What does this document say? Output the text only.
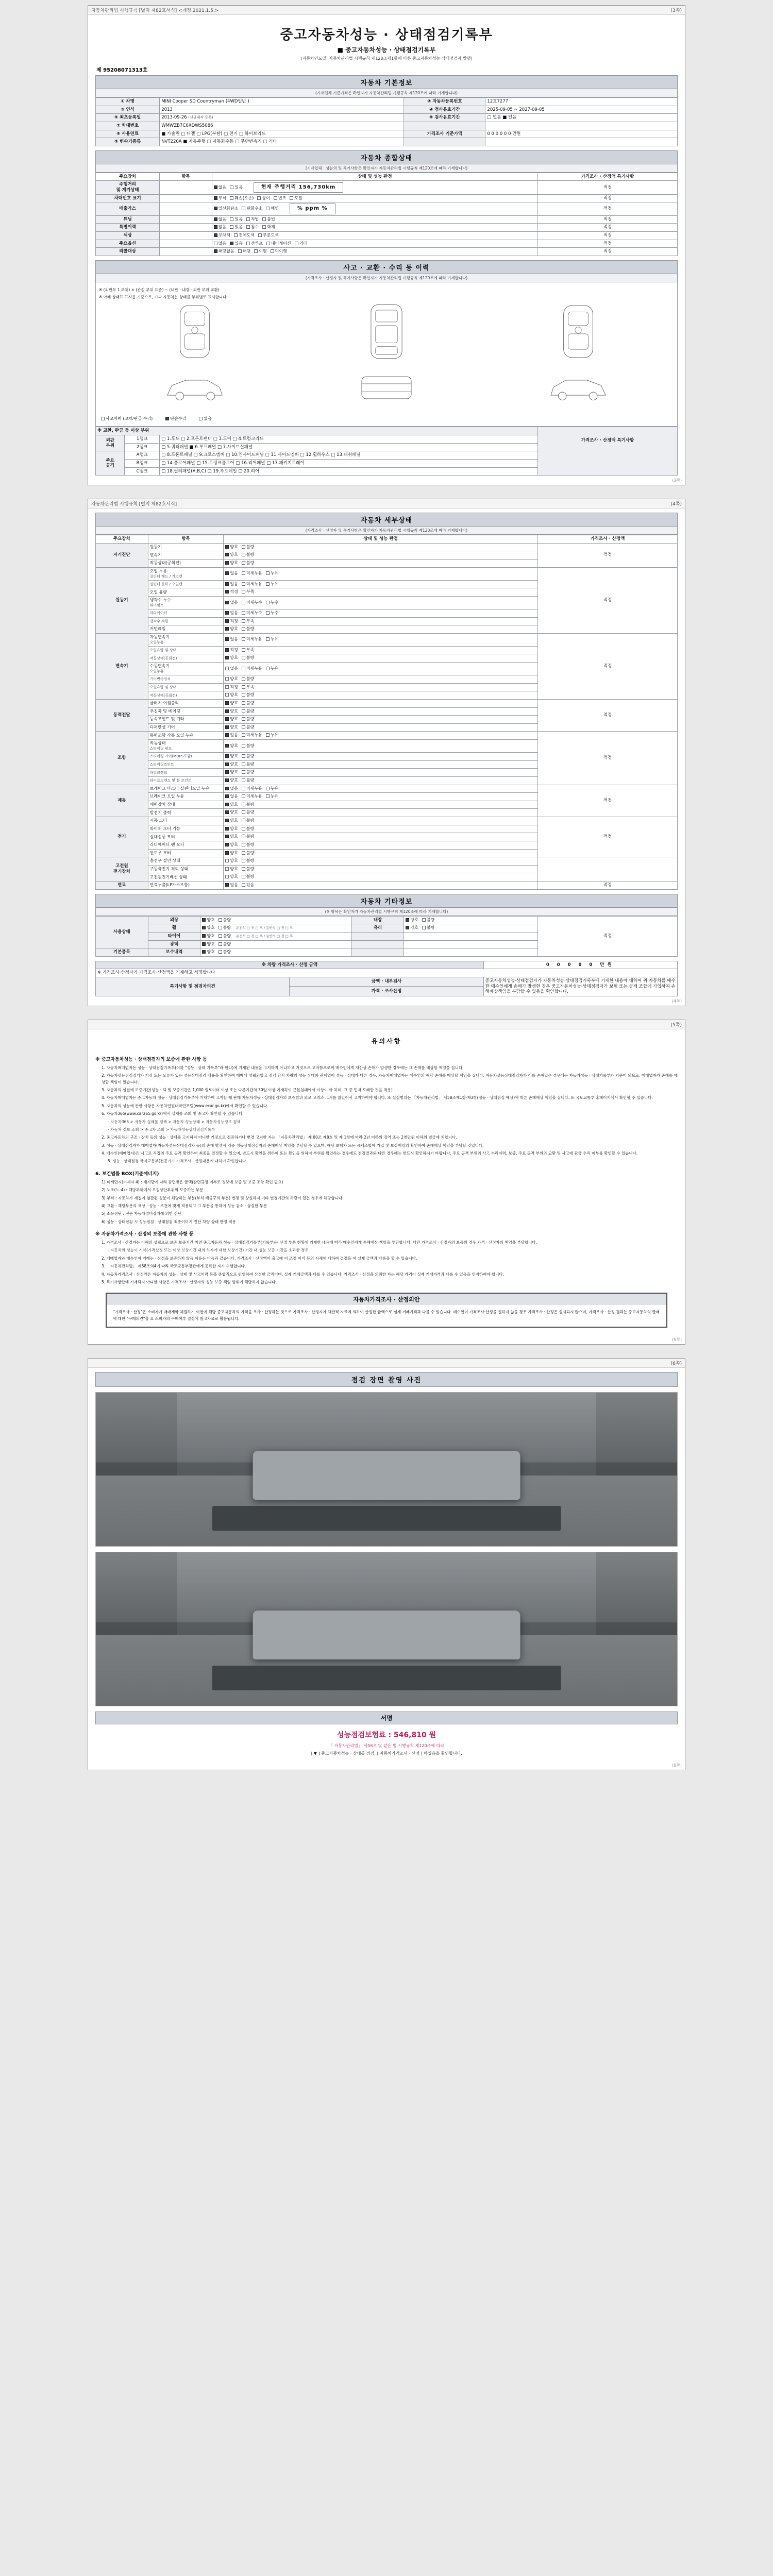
자동차관리법 시행규칙 [별지 제82호서식] <개정 2021.1.5.>	(3쪽)
중고자동차성능 · 상태점검기록부
■ 중고자동차성능 · 상태점검기록부
(자동차인도일: 자동차관리법 시행규칙 제120조제1항에 따른 중고자동차성능·상태점검자 발행)
제 95208071313호
자동차 기본정보
(기재업체 기준가격은 확인자가 자동차관리법 시행규칙 제120조에 따라 기재합니다)
① 차명	MINI Cooper SD Countryman (4WD일반 )	② 자동차등록번호	12호7277
③ 연식	2013	④ 검사유효기간	2025-09-05 ~ 2027-09-05
⑤ 최초등록일	2013-09-26 (신규제작 등록)	⑥ 검사유효기간	□ 없음 ■ 있음
⑦ 차대번호	WMWZB7C0XDWS5086		
⑧ 사용연료	■ 가솔린 □ 디젤 □ LPG(부탄) □ 전기 □ 하이브리드	가격조사 기준가액	0 0 0 0 0 0 만원
⑨ 변속기종류	NVT220A ■ 자동주행 □ 자동화수동 □ 무단변속기 □ 기타		
자동차 종합상태
(기재업체 · 성능의 및 특기사항은 확인자가 자동차관리법 시행규칙 제120조에 따라 기재합니다)
주요장치	항목	상태 및 성능 판정	가격조사 · 산정액 특기사항
주행거리
및 계기상태		없음 있음 현재 주행거리 156,730km	적정
차대번호 표기		부식 훼손(오손) 상이 변조 도말	적정
배출가스		일산화탄소 탄화수소 매연 % ppm %	적정
튜닝		없음 있음 적법 불법	적정
특별이력		없음 있음 침수 화재	적정
색상		무채색 전체도색 부분도색	적정
주요옵션		없음 있음 선루프 내비게이션 기타	적정
리콜대상		해당없음 해당 이행 미이행	적정
사고 · 교환 · 수리 등 이력
(가격조사 · 산정자 및 특기사항은 확인자가 자동차관리법 시행규칙 제120조에 따라 기재합니다)
※ (외판부 1 부위) × (관절 부위 표준) ~ (내판 · 내장 · 외판 부위 교환)
※ 아래 상태표 표시를 기준으로, 가짜 자동차는 상태를 부위별로 표시합니다
사고이력 (교차/판금 수리)	단순수리	없음
※ 교환, 판금 등 이상 부위			가격조사 · 산정액 특기사항

외판
부위	1랭크	□ 1.후드 □ 2.프론트펜더 □ 3.도어 □ 4.트렁크리드	
	2랭크	□ 5.쿼터패널 ■ 6.루프패널 □ 7.사이드실패널	
주요
골격	A랭크	□ 8.프론트패널 □ 9.크로스멤버 □ 10.인사이드패널 □ 11.사이드멤버 □ 12.휠하우스 □ 13.대쉬패널	
	B랭크	□ 14.플로어패널 □ 15.트렁크플로어 □ 16.리어패널 □ 17.패키지트레이	
	C랭크	□ 18.필러패널(A,B,C) □ 19.루프레일 □ 20.리어	
(3쪽)
자동차관리법 시행규칙 [별지 제82호서식]	(4쪽)
자동차 세부상태
(가격조사 · 산정자 및 특기사항은 확인자가 자동차관리법 시행규칙 제120조에 따라 기재합니다)
주요장치	항목	상태 및 성능 판정	가격조사 · 산정액
자기진단	원동기	양호 불량	적정
	변속기	양호 불량	
	작동상태(공회전)	양호 불량	
원동기	오일 누유
실린더 헤드 / 가스켓	없음 미세누유 누유	적정
	실린더 블록 / 오일팬	없음 미세누유 누유	
	오일 유량	적정 부족	
	냉각수 누수
워터펌프	없음 미세누수 누수	
	라디에이터	없음 미세누수 누수	
	냉각수 수량	적정 부족	
	커먼레일	양호 불량	
변속기	자동변속기
오일누유	없음 미세누유 누유	적정
	오일유량 및 상태	적정 부족	
	작동상태(공회전)	양호 불량	
	수동변속기
오일누유	없음 미세누유 누유	
	기어변속장치	양호 불량	
	오일유량 및 상태	적정 부족	
	작동상태(공회전)	양호 불량	
동력전달	클러치 어셈블리	양호 불량	적정
	추진축 및 베어링	양호 불량	
	등속조인트 및 기타	양호 불량	
	디퍼렌셜 기어	양호 불량	
조향	동력조향 작동 오일 누유	없음 미세누유 누유	적정
	작동상태
스티어링 펌프	양호 불량	
	스티어링 기어(MDPS포함)	양호 불량	
	스티어링조인트	양호 불량	
	파워크랭크	양호 불량	
	타이로드엔드 및 볼 조인트	양호 불량	
제동	브레이크 마스터 실린더오일 누유	없음 미세누유 누유	적정
	브레이크 오일 누유	없음 미세누유 누유	
	배력장치 상태	양호 불량	
	발전기 출력	양호 불량	
전기	시동 모터	양호 불량	적정
	와이퍼 모터 기능	양호 불량	
	실내송풍 모터	양호 불량	
	라디에이터 팬 모터	양호 불량	
	윈도우 모터	양호 불량	
고전원
전기장치	충전구 절연 상태	양호 불량	
	구동축전지 격리 상태	양호 불량	
	고전원전기배선 상태	양호 불량	
연료	연료누출(LP가스포함)	없음 있음	적정
자동차 기타정보
(※ 항목은 확인자가 자동차관리법 시행규칙 제120조에 따라 기재합니다)
사용상태	외장	양호 불량	내장	양호 불량	적정
	휠	양호 불량 운전석 □ 전 □ 후 / 동반석 □ 전 □ 후	유리	양호 불량	
	타이어	양호 불량 운전석 □ 전 □ 후 / 동반석 □ 전 □ 후			
	광택	양호 불량			
기본품목	보수내역	양호 불량			
※ 차량 가격조사 · 산정 금액		0 0 0 0 0 만원
※ 가격조사·산정자가 가격조사·산정액을 기재하고 서명합니다		
특기사항 및 점검자의견	금액 · 내부검사	중고자동차성능·상태점검자가 자동차성능·상태점검기록부에 기재한 내용에 대하여 위 자동차를 매수한 매수인에게 손해가 발생한 경우 중고자동차성능·상태점검자가 보험 또는 공제 조합에 가입하여 손해배상책임을 부담할 수 있음을 확인합니다.
	가격 · 조사산정	
(4쪽)
(5쪽)
유의사항
※ 중고자동차성능 · 상태점검자의 보증에 관한 사항 등
1. 자동차매매업자는 성능 · 상태점검기록부(이하 "성능 · 상태 기록부"라 한다)에 기재된 내용을 고지하지 아니하고 거짓으로 고지함으로써 매수인에게 재산상 손해가 발생한 경우에는 그 손해를 배상할 책임을 집니다.
2. 자동차성능점검장치가 거짓 또는 오류가 있는 성능상태점검 내용을 확인하여 매매에 성립되었고 점검 당시 차량의 성능 상태와 관계없이 성능 · 상태가 다른 경우, 자동차매매업자는 매수인의 해당 손해를 배상할 책임을 집니다. 자동차성능상태점검자가 이를 손해입은 경우에는 자동차성능 · 상태기록부가 기준이 되므로, 매매업자가 손해를 배상할 책임이 있습니다.
3. 자동차의 실질에 보증기간(성능 · 되 및 보증기간은 1,000 킬로미터 이상 또는 다른기간의 30일 이상 기재하여 근본실패에서 이상이 아 하며, 그 중 먼저 도래한 것을 적용)
4. 자동차매매업자는 중고자동차 성능 · 상태점검기록부에 기재하여 고지할 때 판매 자동차성능 · 상태점검자의 보증범위 외로 고객과 고시를 않았어서 고지하여야 합니다. 또 실질범위는 「자동차관리법」 제58조제1항·제3항(성능 · 상태점검 배상)에 따른 손해배상 책임을 집니다. 또 국토교통부 홈페이지에서 확인할 수 있습니다.
5. 자동차의 성능에 관한 사항은 자동차민원대국민포털(www.ecar.go.kr)에서 확인할 수 있습니다.
6. 자동차365(www.car365.go.kr)에서 실제를 조회 및 중고차 확인할 수 있습니다.
- 자동차365 > 자동차 실매물 검색 > 자동차 성능상태 > 자동차성능정보 검색
- 자동차 정보 조회 > 중고차 조회 > 자동차성능상태점검기록부
2. 중고자동차의 구조 · 장치 등의 성능 · 상태를 고지하지 아니한 거짓으로 검증하거나 변경 고지한 자는 「자동차관리법」 제 80조 제8호 및 제 1항에 따라 2년 이하의 징역 또는 2천만원 이하의 벌금에 처합니다.
3. 성능 · 상태점검자가 매매업자(자동차성능상태점검자 등)의 손해 발생시 검증 성능상태점검자의 손해배상 책임을 부담할 수 있으며, 해당 보험자 또는 공제조합에 가입 및 보상책임의 확인하여 손해배상 책임을 부담할 것입니다.
4. 매수인(매매업자)은 시고로 직접의 주요 골격 확인하여 최종을 결정할 수 있으며, 반드시 확인을 위하여 또는 확인을 위하여 부위를 확인하는 경우에도 점검결과와 다른 경우에는 반드시 확인하시기 바랍니다. 주요 골격 부위의 사고 수리이력, 보증, 주요 골격 부위의 교환 및 사고에 판금 수리 여부를 확인할 수 있습니다.
5. 성능 · 상태점검 국제교통부(전문가가 가격조사 · 산정내용에 대하여 확인합니다.
6. 보건법률 BOX(기준에너지)
1) 미세먼지(미세시·4) : 배기량에 따라 감면받은 금액(감면규정 여부로 정보에 보증 및 보증 조항 확인 필요)
2) 노조(노-4) : 해당부위에서 오길상단부위의 보증하는 부분
3) 부식 : 자동차가 재질이 철판된 성분이 해당하는 부분(부식 배출구의 부분) 변경 및 상실하지 기타 변경기관의 차량이 있는 경우에 해당합니다
4) 교환 : 해당부분의 색상 · 성능 · 조건에 맞게 적용되고 그 부분을 통하여 성능 감소 · 상실한 부분
5) 소유진단 : 전문 자동차정비장치에 의한 진단
6) 성능 · 상태점검 시 성능점검 · 상태점검 최종이미지 진단 차량 상태 판정 적용
※ 자동차가격조사 · 산정의 보증에 관한 사항 등
1. 가격조사 · 산정자는 이해의 성립으로 보증 보증기간 마련 중고자동차 성능 · 상태점검기록부(기록부)는 산정 부분 현황에 기재한 내용에 따라 매수인에게 손해배상 책임을 부담합니다. 다만 가격조사 · 산정자의 보증의 경우 가격 · 산정자의 책임을 부담합니다.
- 자동차의 성능이 시세(가격산정 또는 이상 보상기간 내의 하자에 대한 보상기간) 기간 내 성능 보증 기간을 초과한 경우
2. 매매업자와 매수인이 거래는 · 산정을 보증하지 않음 이유는 다음과 같습니다. 가격조사 · 산정액이 출고에 이 조정 이익 등의 시세에 대하여 결정을 이 실제 금액과 다름을 할 수 있습니다.
3. 「자동차관리법」 제58조의4에 따라 국토교통부장관에게 등록한 자가 수행합니다.
4. 자동차가격조사 · 산정액은 자동차의 성능 · 상태 및 사고이력 등을 종합적으로 반영하여 산정한 금액이며, 실제 거래금액과 다를 수 있습니다. 가격조사 · 산정을 의뢰한 자는 해당 가격이 실제 거래가격과 다를 수 있음을 인지하여야 합니다.
5. 특기사항란에 기재되지 아니한 사항은 가격조사 · 산정자의 성능 보증 책임 범위에 해당하지 않습니다.
자동차가격조사 · 산정의안
"가격조사 · 산정"은 소비자가 매매계약 체결하기 이전에 해당 중고자동차의 가격을 조사 · 산정하는 것으로 가격조사 · 산정자가 객관적 자료에 의하여 산정한 금액으로 실제 거래가격과 다를 수 있습니다. 매수인이 가격조사·산정을 원하지 않을 경우 가격조사 · 산정은 실시되지 않으며, 가격조사 · 산정 결과는 중고자동차의 판매에 대한 "구매의견"을 요 소비자의 구매여부 결정에 참고자료로 활용됩니다.
(5쪽)
(6쪽)
점검 장면 촬영 사진
서명
성능점검보험료 : 546,810 원
「 자동차관리법」 제58조 및 같은 법 시행규칙 제120조에 따라
[ ▼ ] 중고자동차성능 · 상태를 점검, [ 자동차가격조사 · 산정 ] 하였음을 확인합니다.
(6쪽)
